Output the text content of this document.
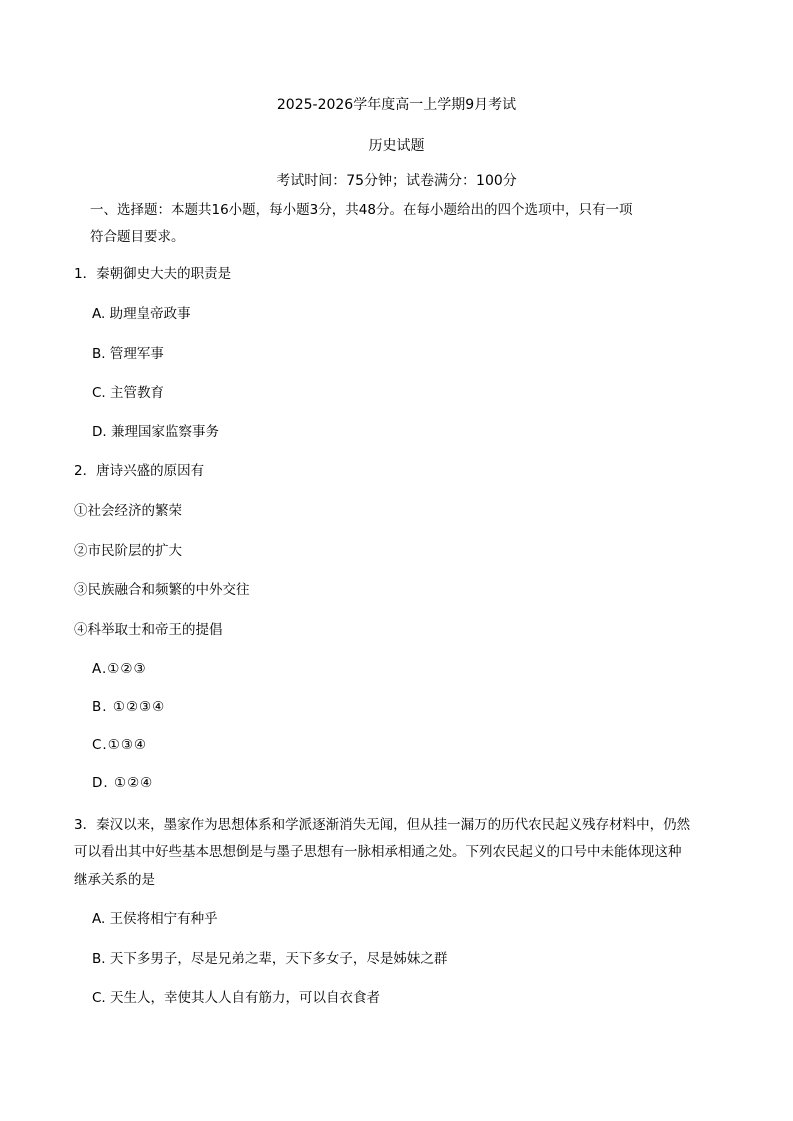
2025-2026学年度高一上学期9月考试
历史试题
考试时间：75分钟；试卷满分：100分
一、选择题：本题共16小题，每小题3分，共48分。在每小题给出的四个选项中，只有一项
符合题目要求。
1．秦朝御史大夫的职责是
A. 助理皇帝政事
B. 管理军事
C. 主管教育
D. 兼理国家监察事务
2．唐诗兴盛的原因有
①社会经济的繁荣
②市民阶层的扩大
③民族融合和频繁的中外交往
④科举取士和帝王的提倡
A.①②③
B. ①②③④
C.①③④
D. ①②④
3．秦汉以来，墨家作为思想体系和学派逐渐消失无闻，但从挂一漏万的历代农民起义残存材料中，仍然
可以看出其中好些基本思想倒是与墨子思想有一脉相承相通之处。下列农民起义的口号中未能体现这种
继承关系的是
A. 王侯将相宁有种乎
B. 天下多男子，尽是兄弟之辈，天下多女子，尽是姊妹之群
C. 天生人，幸使其人人自有筋力，可以自衣食者
